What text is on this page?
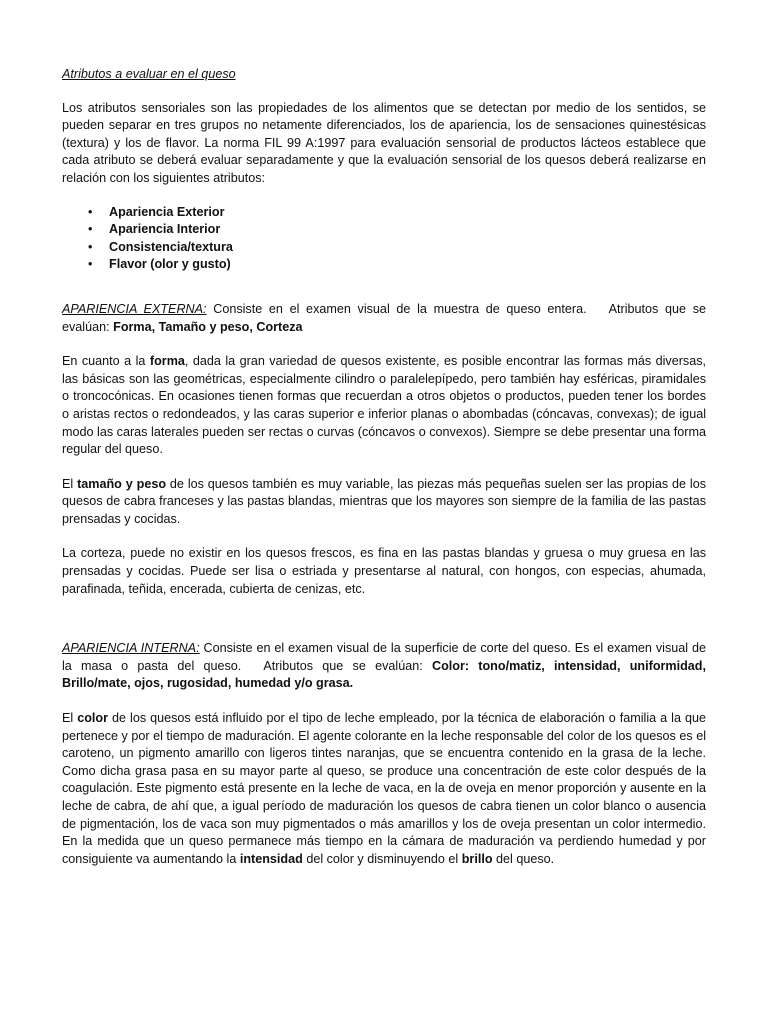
Atributos a evaluar en el queso

Los atributos sensoriales son las propiedades de los alimentos que se detectan por medio de los sentidos, se pueden separar en tres grupos no netamente diferenciados, los de apariencia, los de sensaciones quinestésicas (textura) y los de flavor. La norma FIL 99 A:1997 para evaluación sensorial de productos lácteos establece que cada atributo se deberá evaluar separadamente y que la evaluación sensorial de los quesos deberá realizarse en relación con los siguientes atributos:

• Apariencia Exterior
• Apariencia Interior
• Consistencia/textura
• Flavor (olor y gusto)

APARIENCIA EXTERNA: Consiste en el examen visual de la muestra de queso entera. Atributos que se evalúan: Forma, Tamaño y peso, Corteza

En cuanto a la forma, dada la gran variedad de quesos existente, es posible encontrar las formas más diversas, las básicas son las geométricas, especialmente cilindro o paralelepípedo, pero también hay esféricas, piramidales o troncocónicas. En ocasiones tienen formas que recuerdan a otros objetos o productos, pueden tener los bordes o aristas rectos o redondeados, y las caras superior e inferior planas o abombadas (cóncavas, convexas); de igual modo las caras laterales pueden ser rectas o curvas (cóncavos o convexos). Siempre se debe presentar una forma regular del queso.

El tamaño y peso de los quesos también es muy variable, las piezas más pequeñas suelen ser las propias de los quesos de cabra franceses y las pastas blandas, mientras que los mayores son siempre de la familia de las pastas prensadas y cocidas.

La corteza, puede no existir en los quesos frescos, es fina en las pastas blandas y gruesa o muy gruesa en las prensadas y cocidas. Puede ser lisa o estriada y presentarse al natural, con hongos, con especias, ahumada, parafinada, teñida, encerada, cubierta de cenizas, etc.

APARIENCIA INTERNA: Consiste en el examen visual de la superficie de corte del queso. Es el examen visual de la masa o pasta del queso. Atributos que se evalúan: Color: tono/matiz, intensidad, uniformidad, Brillo/mate, ojos, rugosidad, humedad y/o grasa.

El color de los quesos está influido por el tipo de leche empleado, por la técnica de elaboración o familia a la que pertenece y por el tiempo de maduración. El agente colorante en la leche responsable del color de los quesos es el caroteno, un pigmento amarillo con ligeros tintes naranjas, que se encuentra contenido en la grasa de la leche. Como dicha grasa pasa en su mayor parte al queso, se produce una concentración de este color después de la coagulación. Este pigmento está presente en la leche de vaca, en la de oveja en menor proporción y ausente en la leche de cabra, de ahí que, a igual período de maduración los quesos de cabra tienen un color blanco o ausencia de pigmentación, los de vaca son muy pigmentados o más amarillos y los de oveja presentan un color intermedio. En la medida que un queso permanece más tiempo en la cámara de maduración va perdiendo humedad y por consiguiente va aumentando la intensidad del color y disminuyendo el brillo del queso.
